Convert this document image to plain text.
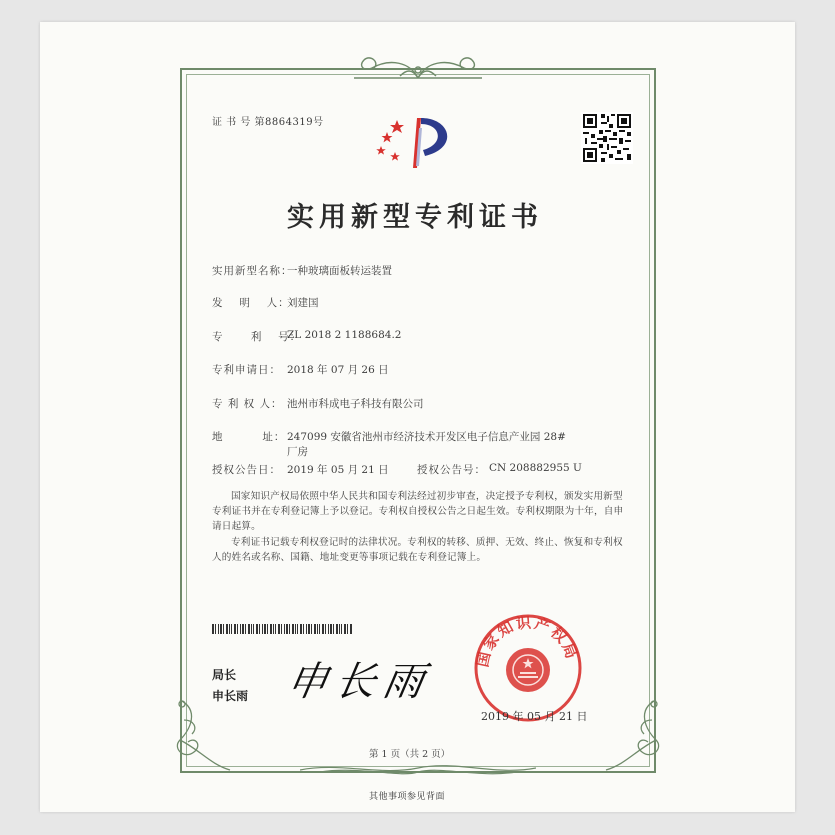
证 书 号 第8864319号
实用新型专利证书
实用新型名称：
一种玻璃面板转运装置
发 　明 　人：
刘建国
专 　　利 　号：
ZL 2018 2 1188684.2
专利申请日： 2018 年 07 月 26 日
专 利 权 人： 池州市科成电子科技有限公司
地 　　　址： 247099 安徽省池州市经济技术开发区电子信息产业园 28#
厂房
授权公告日： 2019 年 05 月 21 日	授权公告号： CN 208882955 U
国家知识产权局依照中华人民共和国专利法经过初步审查，决定授予专利权，颁发实用新型专利证书并在专利登记簿上予以登记。专利权自授权公告之日起生效。专利权期限为十年，自申请日起算。
专利证书记载专利权登记时的法律状况。专利权的转移、质押、无效、终止、恢复和专利权人的姓名或名称、国籍、地址变更等事项记载在专利登记簿上。
局长
申长雨 申长雨
国家知识产权局
2019 年 05 月 21 日
第 1 页（共 2 页）
其他事项参见背面
